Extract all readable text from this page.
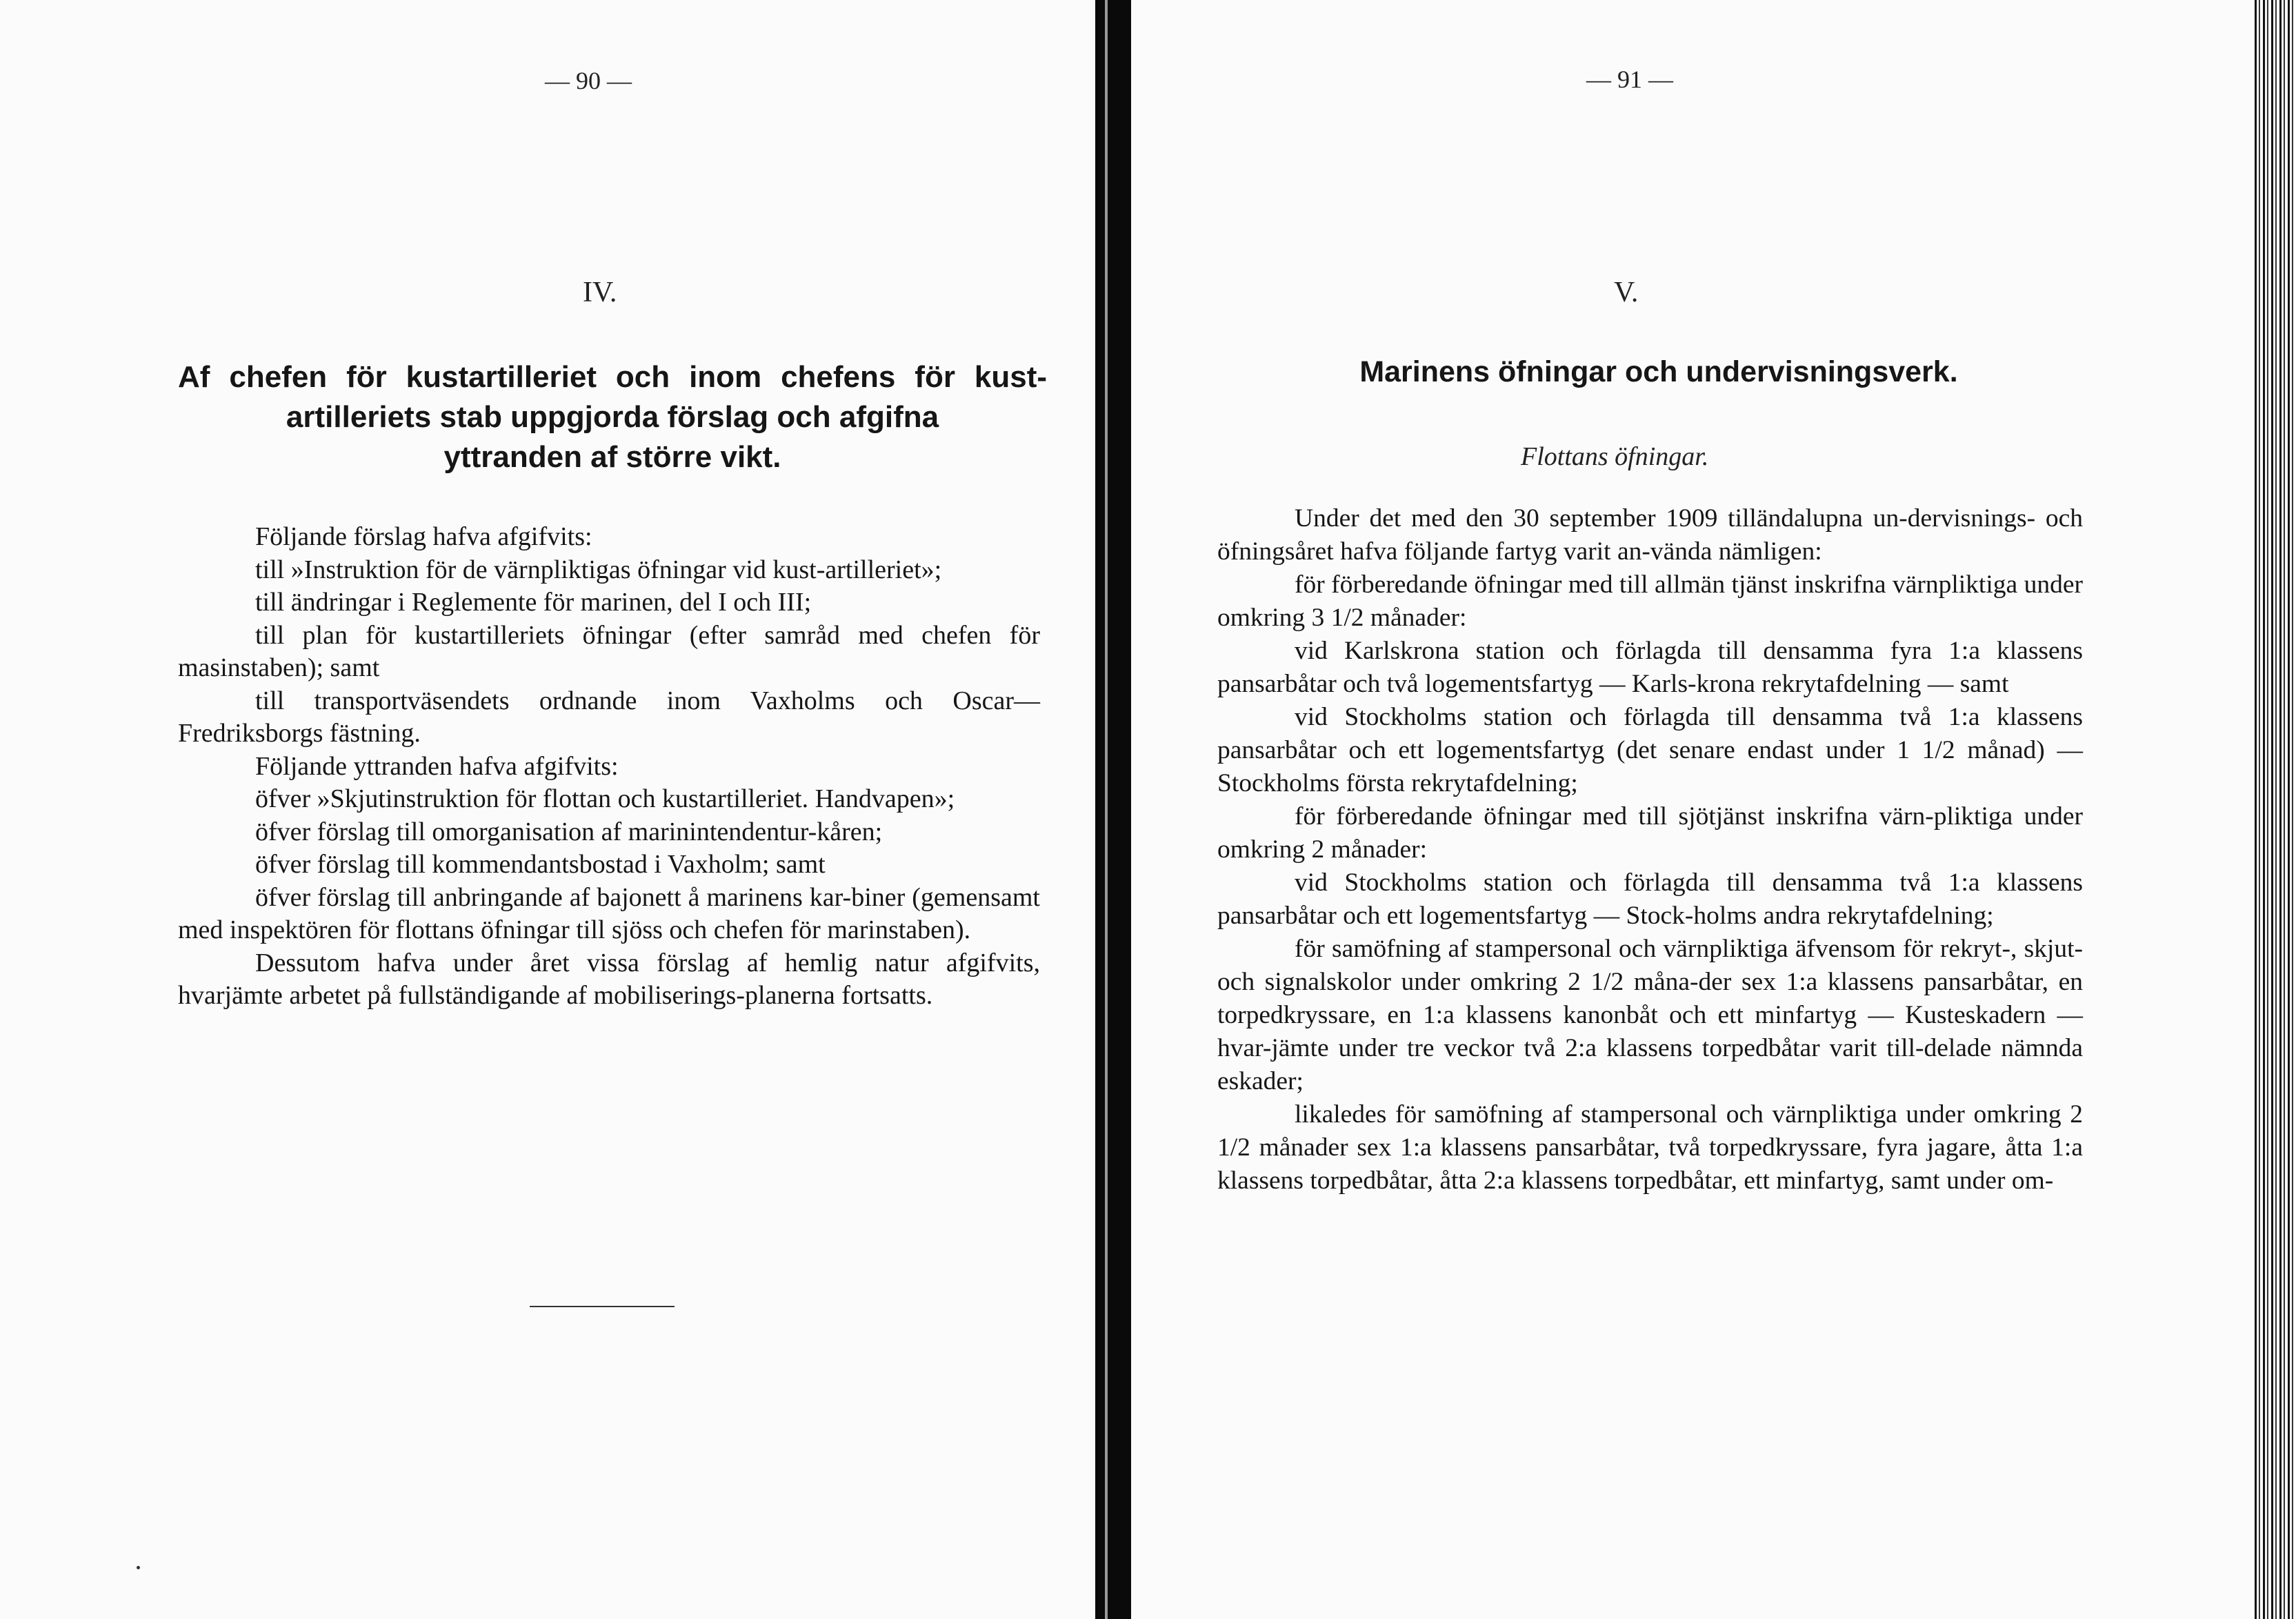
— 90 —
IV.
Af chefen för kustartilleriet och inom chefens för kust-
artilleriets stab uppgjorda förslag och afgifna
yttranden af större vikt.

Följande förslag hafva afgifvits:

till »Instruktion för de värnpliktigas öfningar vid kust-artilleriet»;

till ändringar i Reglemente för marinen, del I och III;

till plan för kustartilleriets öfningar (efter samråd med chefen för masinstaben); samt

till transportväsendets ordnande inom Vaxholms och Oscar—Fredriksborgs fästning.

Följande yttranden hafva afgifvits:

öfver »Skjutinstruktion för flottan och kustartilleriet. Handvapen»;

öfver förslag till omorganisation af marinintendentur-kåren;

öfver förslag till kommendantsbostad i Vaxholm; samt

öfver förslag till anbringande af bajonett å marinens kar-biner (gemensamt med inspektören för flottans öfningar till sjöss och chefen för marinstaben).

Dessutom hafva under året vissa förslag af hemlig natur afgifvits, hvarjämte arbetet på fullständigande af mobiliserings-planerna fortsatts.

— 91 —
V.
Marinens öfningar och undervisningsverk.
Flottans öfningar.

Under det med den 30 september 1909 tilländalupna un-dervisnings- och öfningsåret hafva följande fartyg varit an-vända nämligen:

för förberedande öfningar med till allmän tjänst inskrifna värnpliktiga under omkring 3 1/2 månader:

vid Karlskrona station och förlagda till densamma fyra 1:a klassens pansarbåtar och två logementsfartyg — Karls-krona rekrytafdelning — samt

vid Stockholms station och förlagda till densamma två 1:a klassens pansarbåtar och ett logementsfartyg (det senare endast under 1 1/2 månad) — Stockholms första rekrytafdelning;

för förberedande öfningar med till sjötjänst inskrifna värn-pliktiga under omkring 2 månader:

vid Stockholms station och förlagda till densamma två 1:a klassens pansarbåtar och ett logementsfartyg — Stock-holms andra rekrytafdelning;

för samöfning af stampersonal och värnpliktiga äfvensom för rekryt-, skjut- och signalskolor under omkring 2 1/2 måna-der sex 1:a klassens pansarbåtar, en torpedkryssare, en 1:a klassens kanonbåt och ett minfartyg — Kusteskadern — hvar-jämte under tre veckor två 2:a klassens torpedbåtar varit till-delade nämnda eskader;

likaledes för samöfning af stampersonal och värnpliktiga under omkring 2 1/2 månader sex 1:a klassens pansarbåtar, två torpedkryssare, fyra jagare, åtta 1:a klassens torpedbåtar, åtta 2:a klassens torpedbåtar, ett minfartyg, samt under om-
